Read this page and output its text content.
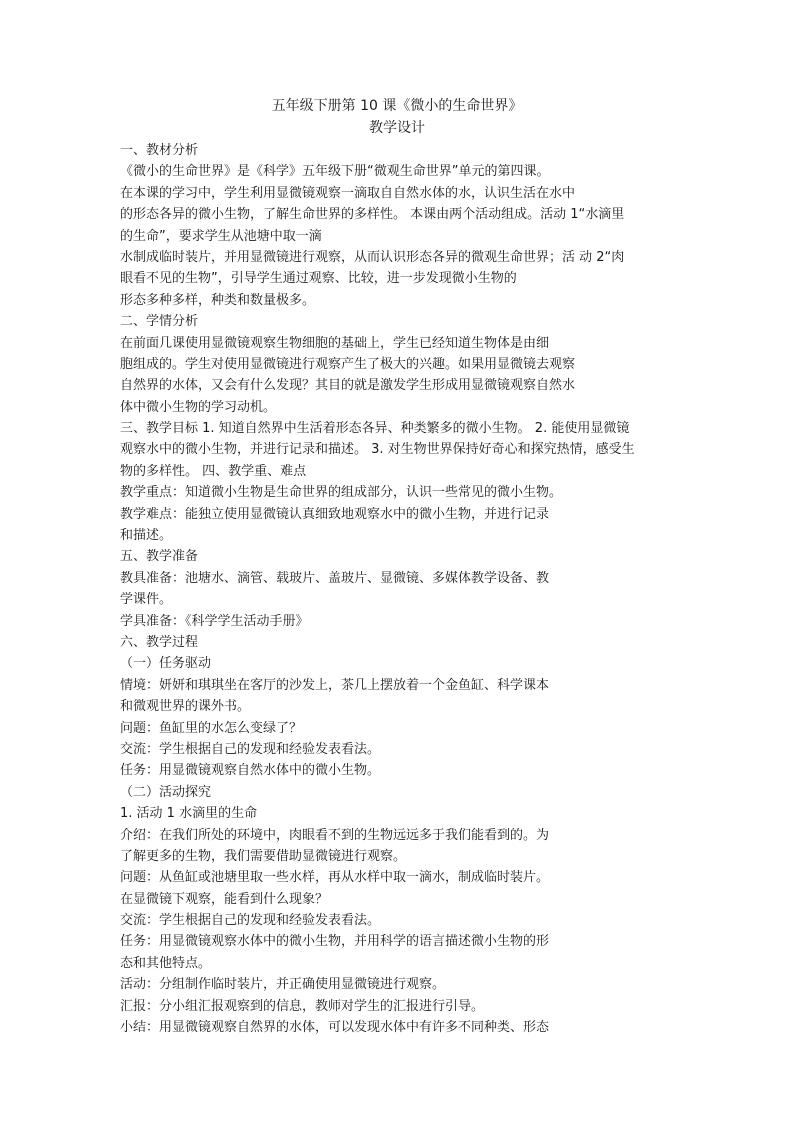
五年级下册第 10 课《微小的生命世界》
教学设计
一、教材分析
《微小的生命世界》是《科学》五年级下册“微观生命世界”单元的第四课。
在本课的学习中，学生利用显微镜观察一滴取自自然水体的水，认识生活在水中
的形态各异的微小生物，了解生命世界的多样性。 本课由两个活动组成。活动 1“水滴里
的生命”，要求学生从池塘中取一滴
水制成临时装片，并用显微镜进行观察，从而认识形态各异的微观生命世界；活 动 2“肉
眼看不见的生物”，引导学生通过观察、比较，进一步发现微小生物的
形态多种多样，种类和数量极多。
二、学情分析
在前面几课使用显微镜观察生物细胞的基础上，学生已经知道生物体是由细
胞组成的。学生对使用显微镜进行观察产生了极大的兴趣。如果用显微镜去观察
自然界的水体，又会有什么发现？其目的就是激发学生形成用显微镜观察自然水
体中微小生物的学习动机。
三、教学目标 1. 知道自然界中生活着形态各异、种类繁多的微小生物。 2. 能使用显微镜
观察水中的微小生物，并进行记录和描述。 3. 对生物世界保持好奇心和探究热情，感受生
物的多样性。 四、教学重、难点
教学重点：知道微小生物是生命世界的组成部分，认识一些常见的微小生物。
教学难点：能独立使用显微镜认真细致地观察水中的微小生物，并进行记录
和描述。
五、教学准备
教具准备：池塘水、滴管、载玻片、盖玻片、显微镜、多媒体教学设备、教
学课件。
学具准备：《科学学生活动手册》
六、教学过程
（一）任务驱动
情境：妍妍和琪琪坐在客厅的沙发上，茶几上摆放着一个金鱼缸、科学课本
和微观世界的课外书。
问题：鱼缸里的水怎么变绿了？
交流：学生根据自己的发现和经验发表看法。
任务：用显微镜观察自然水体中的微小生物。
（二）活动探究
1. 活动 1 水滴里的生命
介绍：在我们所处的环境中，肉眼看不到的生物远远多于我们能看到的。为
了解更多的生物，我们需要借助显微镜进行观察。
问题：从鱼缸或池塘里取一些水样，再从水样中取一滴水，制成临时装片。
在显微镜下观察，能看到什么现象？
交流：学生根据自己的发现和经验发表看法。
任务：用显微镜观察水体中的微小生物，并用科学的语言描述微小生物的形
态和其他特点。
活动：分组制作临时装片，并正确使用显微镜进行观察。
汇报：分小组汇报观察到的信息，教师对学生的汇报进行引导。
小结：用显微镜观察自然界的水体，可以发现水体中有许多不同种类、形态
